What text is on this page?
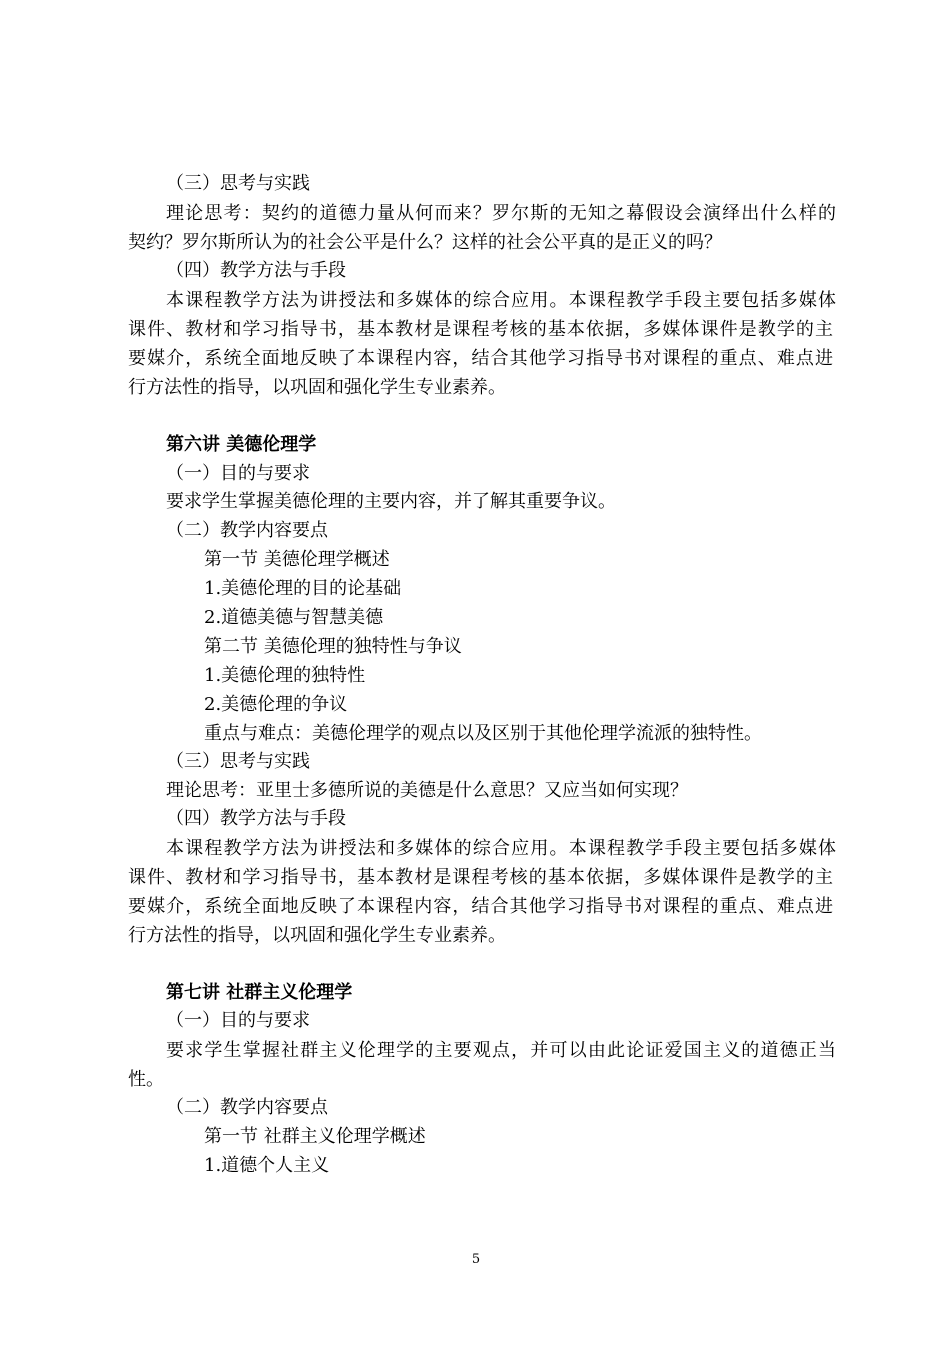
（三）思考与实践
理论思考：契约的道德力量从何而来？罗尔斯的无知之幕假设会演绎出什么样的
契约？罗尔斯所认为的社会公平是什么？这样的社会公平真的是正义的吗？
（四）教学方法与手段
本课程教学方法为讲授法和多媒体的综合应用。本课程教学手段主要包括多媒体
课件、教材和学习指导书，基本教材是课程考核的基本依据，多媒体课件是教学的主
要媒介，系统全面地反映了本课程内容，结合其他学习指导书对课程的重点、难点进
行方法性的指导，以巩固和强化学生专业素养。
第六讲 美德伦理学
（一）目的与要求
要求学生掌握美德伦理的主要内容，并了解其重要争议。
（二）教学内容要点
第一节 美德伦理学概述
1.美德伦理的目的论基础
2.道德美德与智慧美德
第二节 美德伦理的独特性与争议
1.美德伦理的独特性
2.美德伦理的争议
重点与难点：美德伦理学的观点以及区别于其他伦理学流派的独特性。
（三）思考与实践
理论思考：亚里士多德所说的美德是什么意思？又应当如何实现？
（四）教学方法与手段
本课程教学方法为讲授法和多媒体的综合应用。本课程教学手段主要包括多媒体
课件、教材和学习指导书，基本教材是课程考核的基本依据，多媒体课件是教学的主
要媒介，系统全面地反映了本课程内容，结合其他学习指导书对课程的重点、难点进
行方法性的指导，以巩固和强化学生专业素养。
第七讲 社群主义伦理学
（一）目的与要求
要求学生掌握社群主义伦理学的主要观点，并可以由此论证爱国主义的道德正当
性。
（二）教学内容要点
第一节 社群主义伦理学概述
1.道德个人主义
5
